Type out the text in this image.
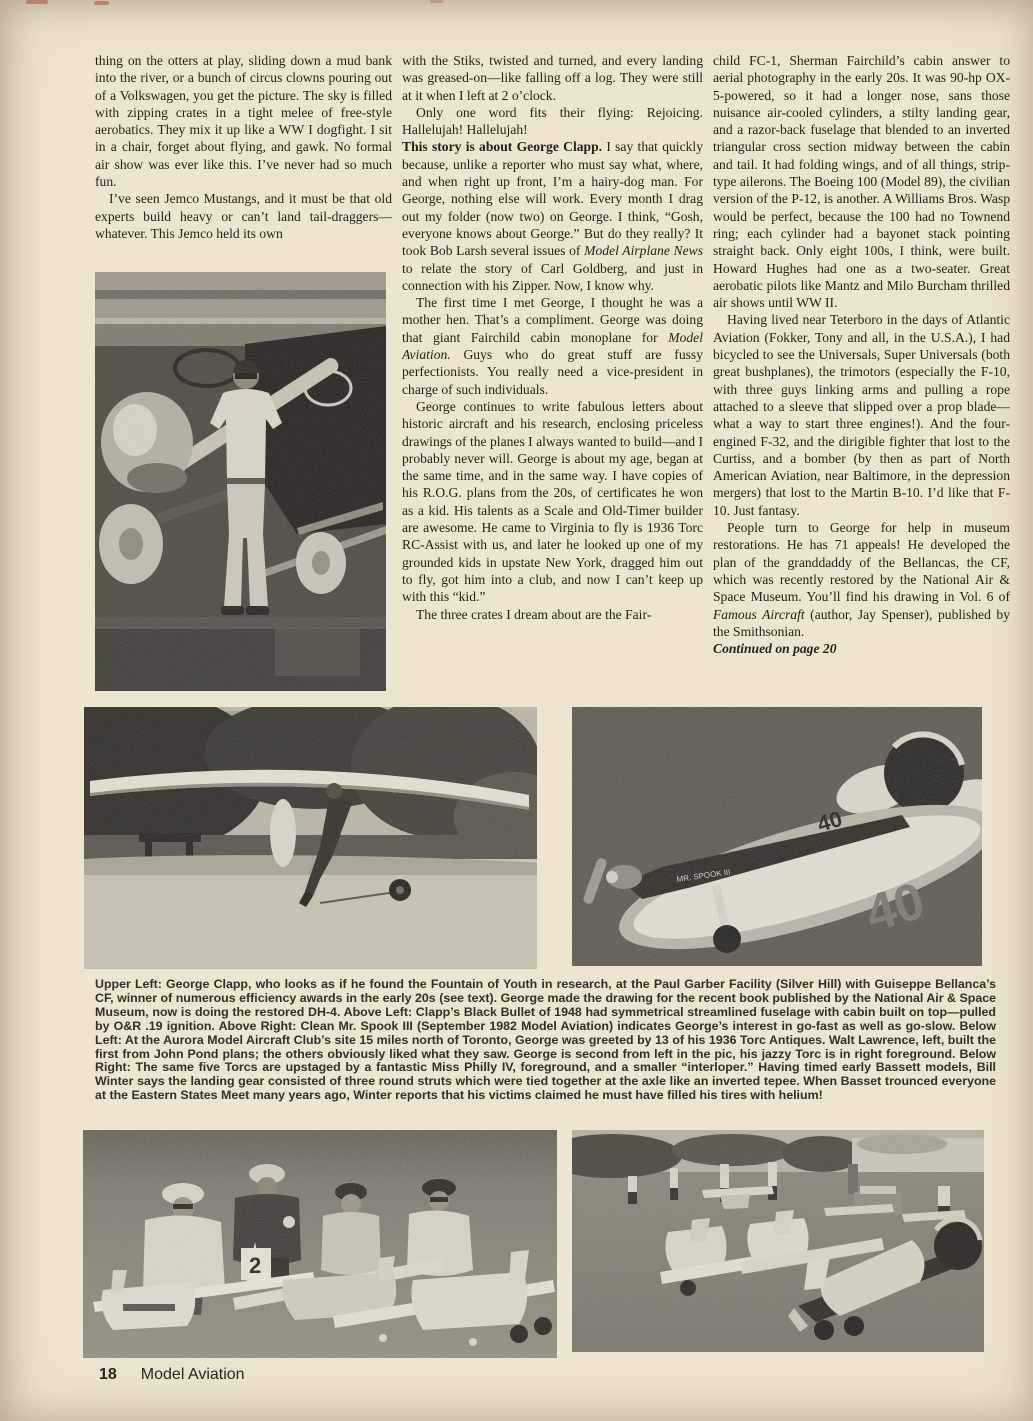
thing on the otters at play, sliding down a mud bank into the river, or a bunch of circus clowns pouring out of a Volkswagen, you get the picture. The sky is filled with zipping crates in a tight melee of free-style aerobatics. They mix it up like a WW I dogfight. I sit in a chair, forget about flying, and gawk. No formal air show was ever like this. I’ve never had so much fun.

I’ve seen Jemco Mustangs, and it must be that old experts build heavy or can’t land tail-draggers—whatever. This Jemco held its own

with the Stiks, twisted and turned, and every landing was greased-on—like falling off a log. They were still at it when I left at 2 o’clock.

Only one word fits their flying: Rejoicing. Hallelujah! Hallelujah!

This story is about George Clapp. I say that quickly because, unlike a reporter who must say what, where, and when right up front, I’m a hairy-dog man. For George, nothing else will work. Every month I drag out my folder (now two) on George. I think, “Gosh, everyone knows about George.” But do they really? It took Bob Larsh several issues of Model Airplane News to relate the story of Carl Goldberg, and just in connection with his Zipper. Now, I know why.

The first time I met George, I thought he was a mother hen. That’s a compliment. George was doing that giant Fairchild cabin monoplane for Model Aviation. Guys who do great stuff are fussy perfectionists. You really need a vice-president in charge of such individuals.

George continues to write fabulous letters about historic aircraft and his research, enclosing priceless drawings of the planes I always wanted to build—and I probably never will. George is about my age, began at the same time, and in the same way. I have copies of his R.O.G. plans from the 20s, of certificates he won as a kid. His talents as a Scale and Old-Timer builder are awesome. He came to Virginia to fly is 1936 Torc RC-Assist with us, and later he looked up one of my grounded kids in upstate New York, dragged him out to fly, got him into a club, and now I can’t keep up with this “kid.”

The three crates I dream about are the Fair-

child FC-1, Sherman Fairchild’s cabin answer to aerial photography in the early 20s. It was 90-hp OX-5-powered, so it had a longer nose, sans those nuisance air-cooled cylinders, a stilty landing gear, and a razor-back fuselage that blended to an inverted triangular cross section midway between the cabin and tail. It had folding wings, and of all things, strip-type ailerons. The Boeing 100 (Model 89), the civilian version of the P-12, is another. A Williams Bros. Wasp would be perfect, because the 100 had no Townend ring; each cylinder had a bayonet stack pointing straight back. Only eight 100s, I think, were built. Howard Hughes had one as a two-seater. Great aerobatic pilots like Mantz and Milo Burcham thrilled air shows until WW II.

Having lived near Teterboro in the days of Atlantic Aviation (Fokker, Tony and all, in the U.S.A.), I had bicycled to see the Universals, Super Universals (both great bushplanes), the trimotors (especially the F-10, with three guys linking arms and pulling a rope attached to a sleeve that slipped over a prop blade—what a way to start three engines!). And the four-engined F-32, and the dirigible fighter that lost to the Curtiss, and a bomber (by then as part of North American Aviation, near Baltimore, in the depression mergers) that lost to the Martin B-10. I’d like that F-10. Just fantasy.

People turn to George for help in museum restorations. He has 71 appeals! He developed the plan of the granddaddy of the Bellancas, the CF, which was recently restored by the National Air & Space Museum. You’ll find his drawing in Vol. 6 of Famous Aircraft (author, Jay Spenser), published by the Smithsonian.

Continued on page 20

Upper Left: George Clapp, who looks as if he found the Fountain of Youth in research, at the Paul Garber Facility (Silver Hill) with Guiseppe Bellanca’s CF, winner of numerous efficiency awards in the early 20s (see text). George made the drawing for the recent book published by the National Air & Space Museum, now is doing the restored DH-4. Above Left: Clapp’s Black Bullet of 1948 had symmetrical streamlined fuselage with cabin built on top—pulled by O&R .19 ignition. Above Right: Clean Mr. Spook III (September 1982 Model Aviation) indicates George’s interest in go-fast as well as go-slow. Below Left: At the Aurora Model Aircraft Club’s site 15 miles north of Toronto, George was greeted by 13 of his 1936 Torc Antiques. Walt Lawrence, left, built the first from John Pond plans; the others obviously liked what they saw. George is second from left in the pic, his jazzy Torc is in right foreground. Below Right: The same five Torcs are upstaged by a fantastic Miss Philly IV, foreground, and a smaller “interloper.” Having timed early Bassett models, Bill Winter says the landing gear consisted of three round struts which were tied together at the axle like an inverted tepee. When Basset trounced everyone at the Eastern States Meet many years ago, Winter reports that his victims claimed he must have filled his tires with helium!
18 Model Aviation
